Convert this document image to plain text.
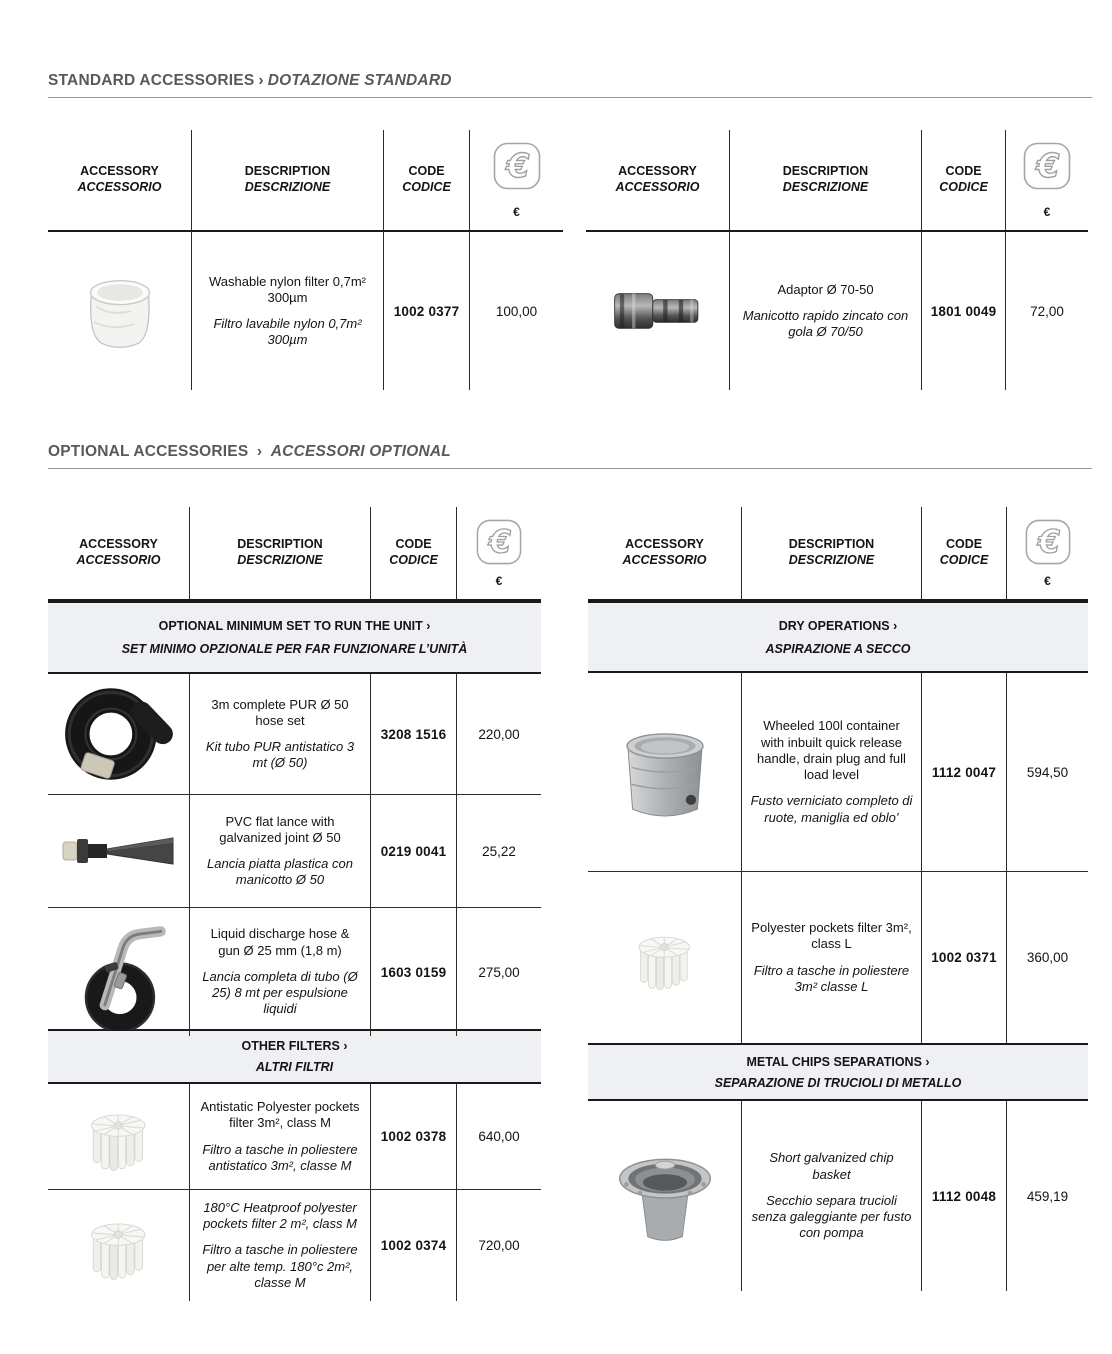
STANDARD ACCESSORIES › DOTAZIONE STANDARD
ACCESSORY
ACCESSORIO
DESCRIPTION
DESCRIZIONE
CODE
CODICE
€
Washable nylon filter 0,7m² 300µm
Filtro lavabile nylon 0,7m² 300µm
1002 0377	100,00
ACCESSORY
ACCESSORIO
DESCRIPTION
DESCRIZIONE
CODE
CODICE
€
Adaptor Ø 70-50
Manicotto rapido zincato con gola Ø 70/50
1801 0049	72,00
OPTIONAL ACCESSORIES › ACCESSORI OPTIONAL
ACCESSORY
ACCESSORIO
DESCRIPTION
DESCRIZIONE
CODE
CODICE
€
OPTIONAL MINIMUM SET TO RUN THE UNIT ›
SET MINIMO OPZIONALE PER FAR FUNZIONARE L’UNITÀ
3m complete PUR Ø 50 hose set
Kit tubo PUR antistatico 3 mt (Ø 50)
3208 1516 220,00
PVC flat lance with galvanized joint Ø 50
Lancia piatta plastica con manicotto Ø 50
0219 0041	25,22
Liquid discharge hose & gun Ø 25 mm (1,8 m)
Lancia completa di tubo (Ø 25) 8 mt per espulsione liquidi
1603 0159 275,00
OTHER FILTERS ›
ALTRI FILTRI
Antistatic Polyester pockets filter 3m², class M
Filtro a tasche in poliestere antistatico 3m², classe M
1002 0378 640,00
180°C Heatproof polyester pockets filter 2 m², class M
Filtro a tasche in poliestere per alte temp. 180°c 2m², classe M
1002 0374 720,00
ACCESSORY
ACCESSORIO
DESCRIPTION
DESCRIZIONE
CODE
CODICE
€
DRY OPERATIONS ›
ASPIRAZIONE A SECCO
Wheeled 100l container with inbuilt quick release handle, drain plug and full load level
Fusto verniciato completo di ruote, maniglia ed oblo’
1112 0047 594,50
Polyester pockets filter 3m², class L
Filtro a tasche in poliestere 3m² classe L
1002 0371 360,00
METAL CHIPS SEPARATIONS ›
SEPARAZIONE DI TRUCIOLI DI METALLO
Short galvanized chip basket
Secchio separa trucioli senza galeggiante per fusto con pompa
1112 0048 459,19
